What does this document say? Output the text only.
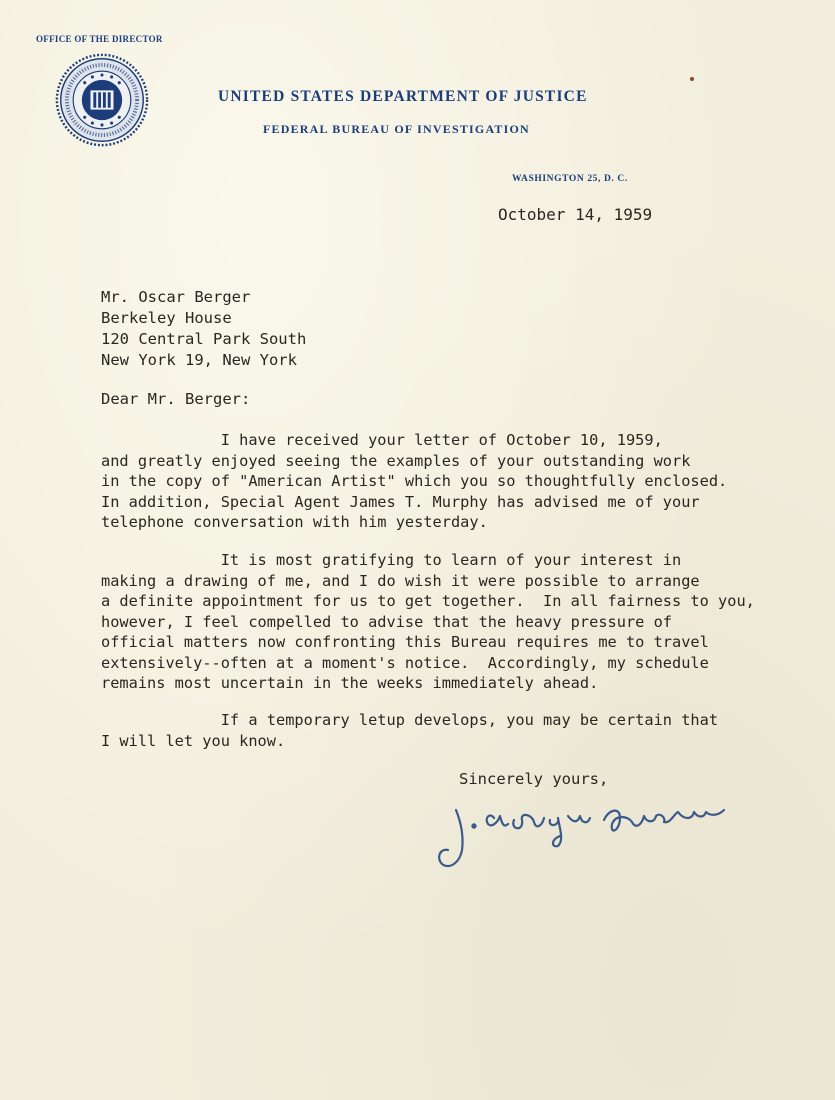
OFFICE OF THE DIRECTOR
UNITED STATES DEPARTMENT OF JUSTICE
FEDERAL BUREAU OF INVESTIGATION
WASHINGTON 25, D. C.
October 14, 1959
Mr. Oscar Berger
Berkeley House
120 Central Park South
New York 19, New York
Dear Mr. Berger:
I have received your letter of October 10, 1959,
and greatly enjoyed seeing the examples of your outstanding work
in the copy of "American Artist" which you so thoughtfully enclosed.
In addition, Special Agent James T. Murphy has advised me of your
telephone conversation with him yesterday.
It is most gratifying to learn of your interest in
making a drawing of me, and I do wish it were possible to arrange
a definite appointment for us to get together.  In all fairness to you,
however, I feel compelled to advise that the heavy pressure of
official matters now confronting this Bureau requires me to travel
extensively--often at a moment's notice.  Accordingly, my schedule
remains most uncertain in the weeks immediately ahead.
If a temporary letup develops, you may be certain that
I will let you know.
Sincerely yours,
